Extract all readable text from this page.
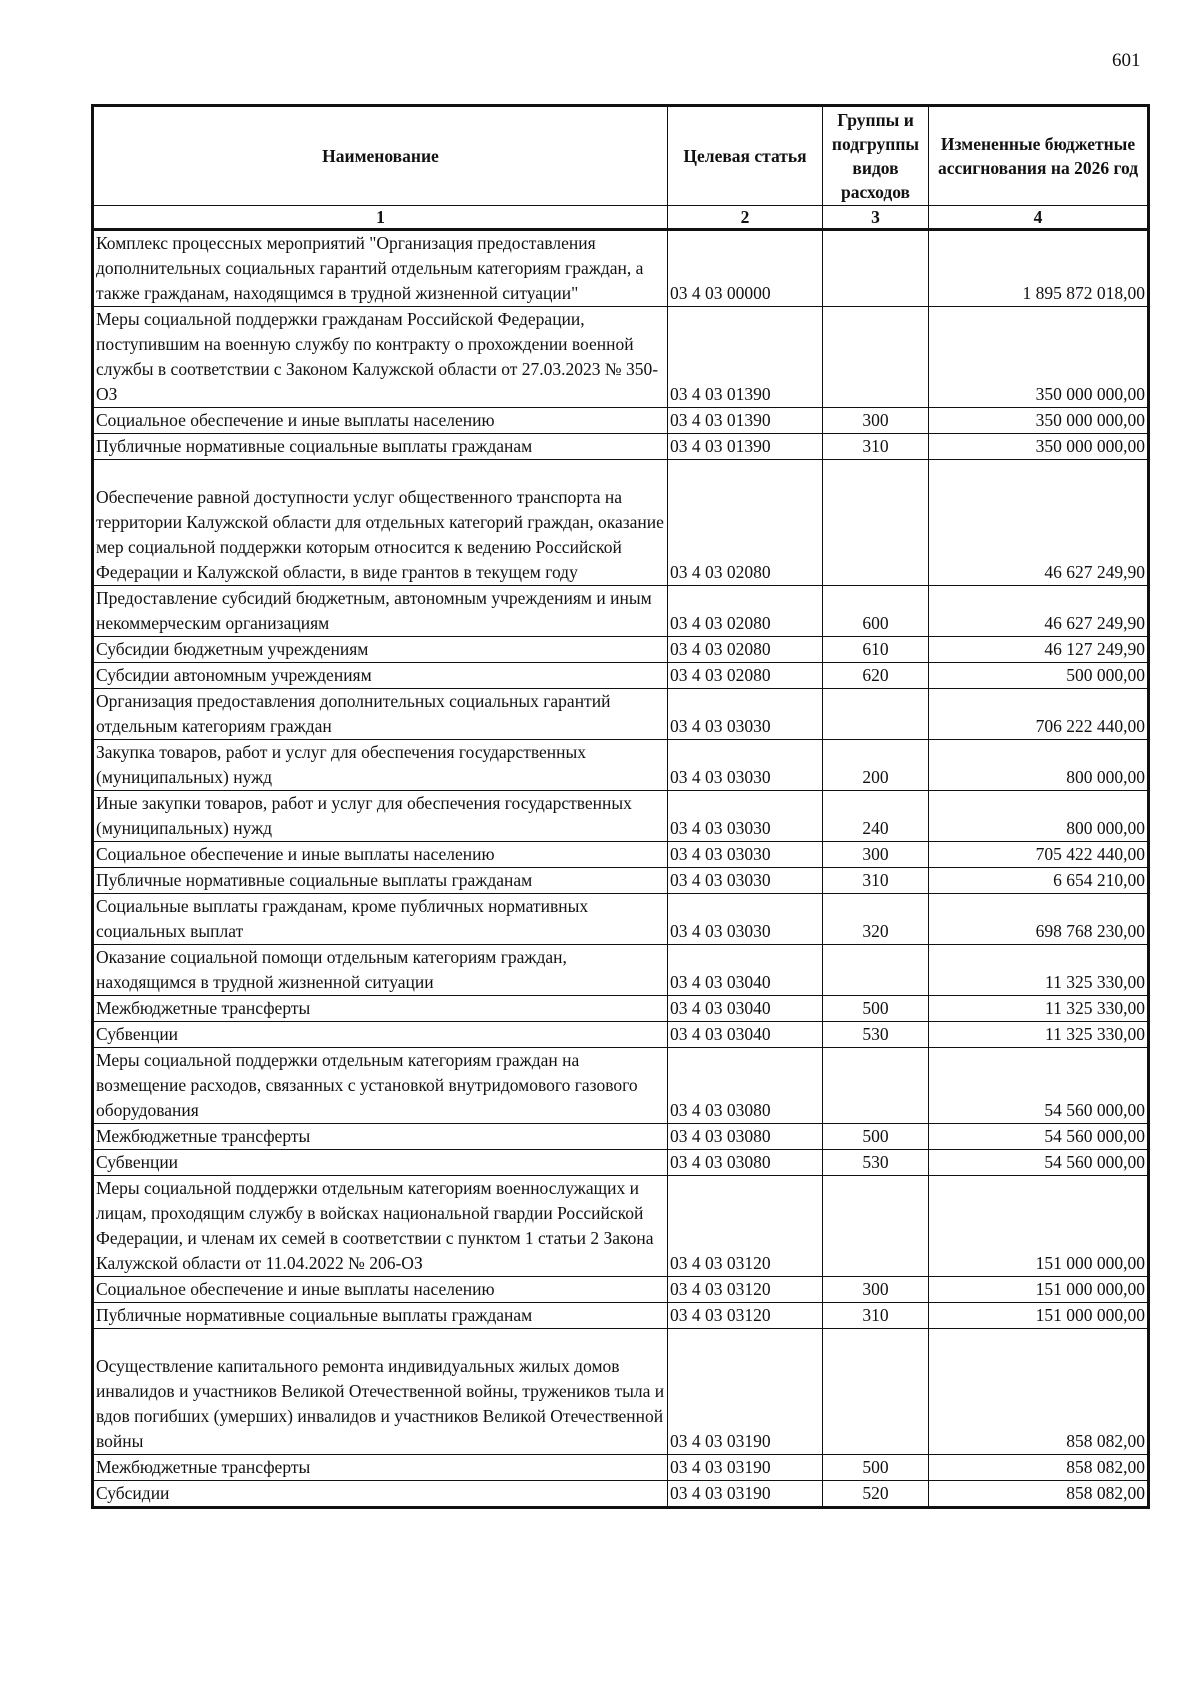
601
Наименование	Целевая статья	Группы и подгруппы видов расходов	Измененные бюджетные ассигнования на 2026 год
1	2	3	4
Комплекс процессных мероприятий "Организация предоставления дополнительных социальных гарантий отдельным категориям граждан, а также гражданам, находящимся в трудной жизненной ситуации"	03 4 03 00000		1 895 872 018,00
Меры социальной поддержки гражданам Российской Федерации, поступившим на военную службу по контракту о прохождении военной службы в соответствии с Законом Калужской области от 27.03.2023 № 350-ОЗ	03 4 03 01390		350 000 000,00
Социальное обеспечение и иные выплаты населению	03 4 03 01390	300	350 000 000,00
Публичные нормативные социальные выплаты гражданам	03 4 03 01390	310	350 000 000,00

Обеспечение равной доступности услуг общественного транспорта на территории Калужской области для отдельных категорий граждан, оказание мер социальной поддержки которым относится к ведению Российской Федерации и Калужской области, в виде грантов в текущем году	03 4 03 02080		46 627 249,90
Предоставление субсидий бюджетным, автономным учреждениям и иным некоммерческим организациям	03 4 03 02080	600	46 627 249,90
Субсидии бюджетным учреждениям	03 4 03 02080	610	46 127 249,90
Субсидии автономным учреждениям	03 4 03 02080	620	500 000,00
Организация предоставления дополнительных социальных гарантий отдельным категориям граждан	03 4 03 03030		706 222 440,00
Закупка товаров, работ и услуг для обеспечения государственных (муниципальных) нужд	03 4 03 03030	200	800 000,00
Иные закупки товаров, работ и услуг для обеспечения государственных (муниципальных) нужд	03 4 03 03030	240	800 000,00
Социальное обеспечение и иные выплаты населению	03 4 03 03030	300	705 422 440,00
Публичные нормативные социальные выплаты гражданам	03 4 03 03030	310	6 654 210,00
Социальные выплаты гражданам, кроме публичных нормативных социальных выплат	03 4 03 03030	320	698 768 230,00
Оказание социальной помощи отдельным категориям граждан, находящимся в трудной жизненной ситуации	03 4 03 03040		11 325 330,00
Межбюджетные трансферты	03 4 03 03040	500	11 325 330,00
Субвенции	03 4 03 03040	530	11 325 330,00
Меры социальной поддержки отдельным категориям граждан на возмещение расходов, связанных с установкой внутридомового газового оборудования	03 4 03 03080		54 560 000,00
Межбюджетные трансферты	03 4 03 03080	500	54 560 000,00
Субвенции	03 4 03 03080	530	54 560 000,00
Меры социальной поддержки отдельным категориям военнослужащих и лицам, проходящим службу в войсках национальной гвардии Российской Федерации, и членам их семей в соответствии с пунктом 1 статьи 2 Закона Калужской области от 11.04.2022 № 206-ОЗ	03 4 03 03120		151 000 000,00
Социальное обеспечение и иные выплаты населению	03 4 03 03120	300	151 000 000,00
Публичные нормативные социальные выплаты гражданам	03 4 03 03120	310	151 000 000,00

Осуществление капитального ремонта индивидуальных жилых домов инвалидов и участников Великой Отечественной войны, тружеников тыла и вдов погибших (умерших) инвалидов и участников Великой Отечественной войны	03 4 03 03190		858 082,00
Межбюджетные трансферты	03 4 03 03190	500	858 082,00
Субсидии	03 4 03 03190	520	858 082,00
